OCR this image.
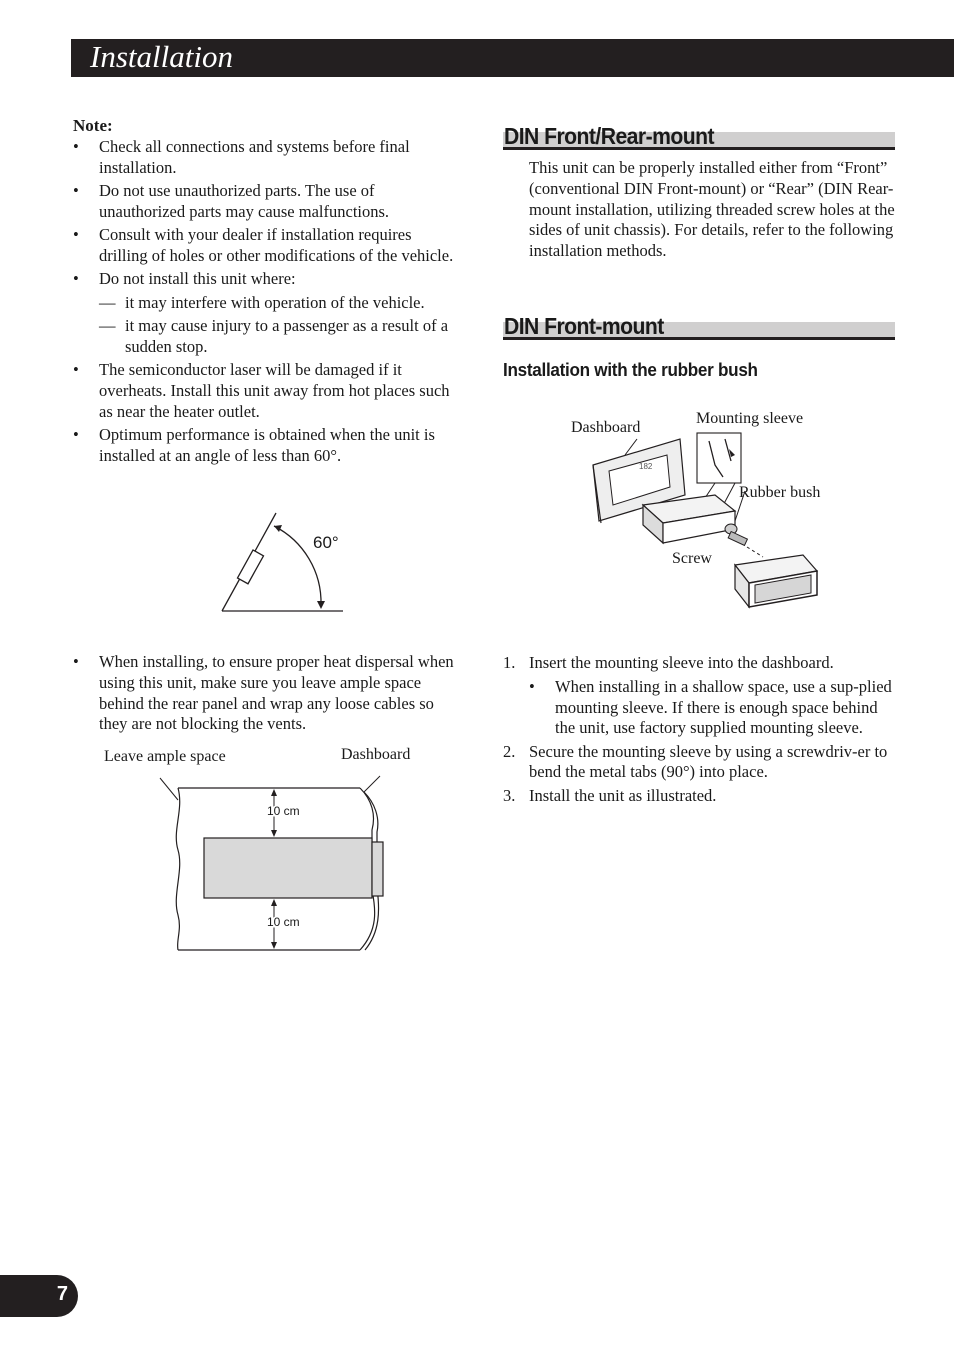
Installation

Note:

• Check all connections and systems before final installation.
• Do not use unauthorized parts. The use of unauthorized parts may cause malfunctions.
• Consult with your dealer if installation requires drilling of holes or other modifications of the vehicle.
• Do not install this unit where:
— it may interfere with operation of the vehicle.
— it may cause injury to a passenger as a result of a sudden stop.
• The semiconductor laser will be damaged if it overheats. Install this unit away from hot places such as near the heater outlet.
• Optimum performance is obtained when the unit is installed at an angle of less than 60°.
60°
• When installing, to ensure proper heat dispersal when using this unit, make sure you leave ample space behind the rear panel and wrap any loose cables so they are not blocking the vents.
Leave ample space	Dashboard
10 cm
10 cm
DIN Front/Rear-mount

This unit can be properly installed either from “Front” (conventional DIN Front-mount) or “Rear” (DIN Rear-mount installation, utilizing threaded screw holes at the sides of unit chassis). For details, refer to the following installation methods.

DIN Front-mount

Installation with the rubber bush

Dashboard
Mounting sleeve
Rubber bush
Screw
182
1. Insert the mounting sleeve into the dashboard.
• When installing in a shallow space, use a sup-plied mounting sleeve. If there is enough space behind the unit, use factory supplied mounting sleeve.
2. Secure the mounting sleeve by using a screwdriv-er to bend the metal tabs (90°) into place.
3. Install the unit as illustrated.
7
